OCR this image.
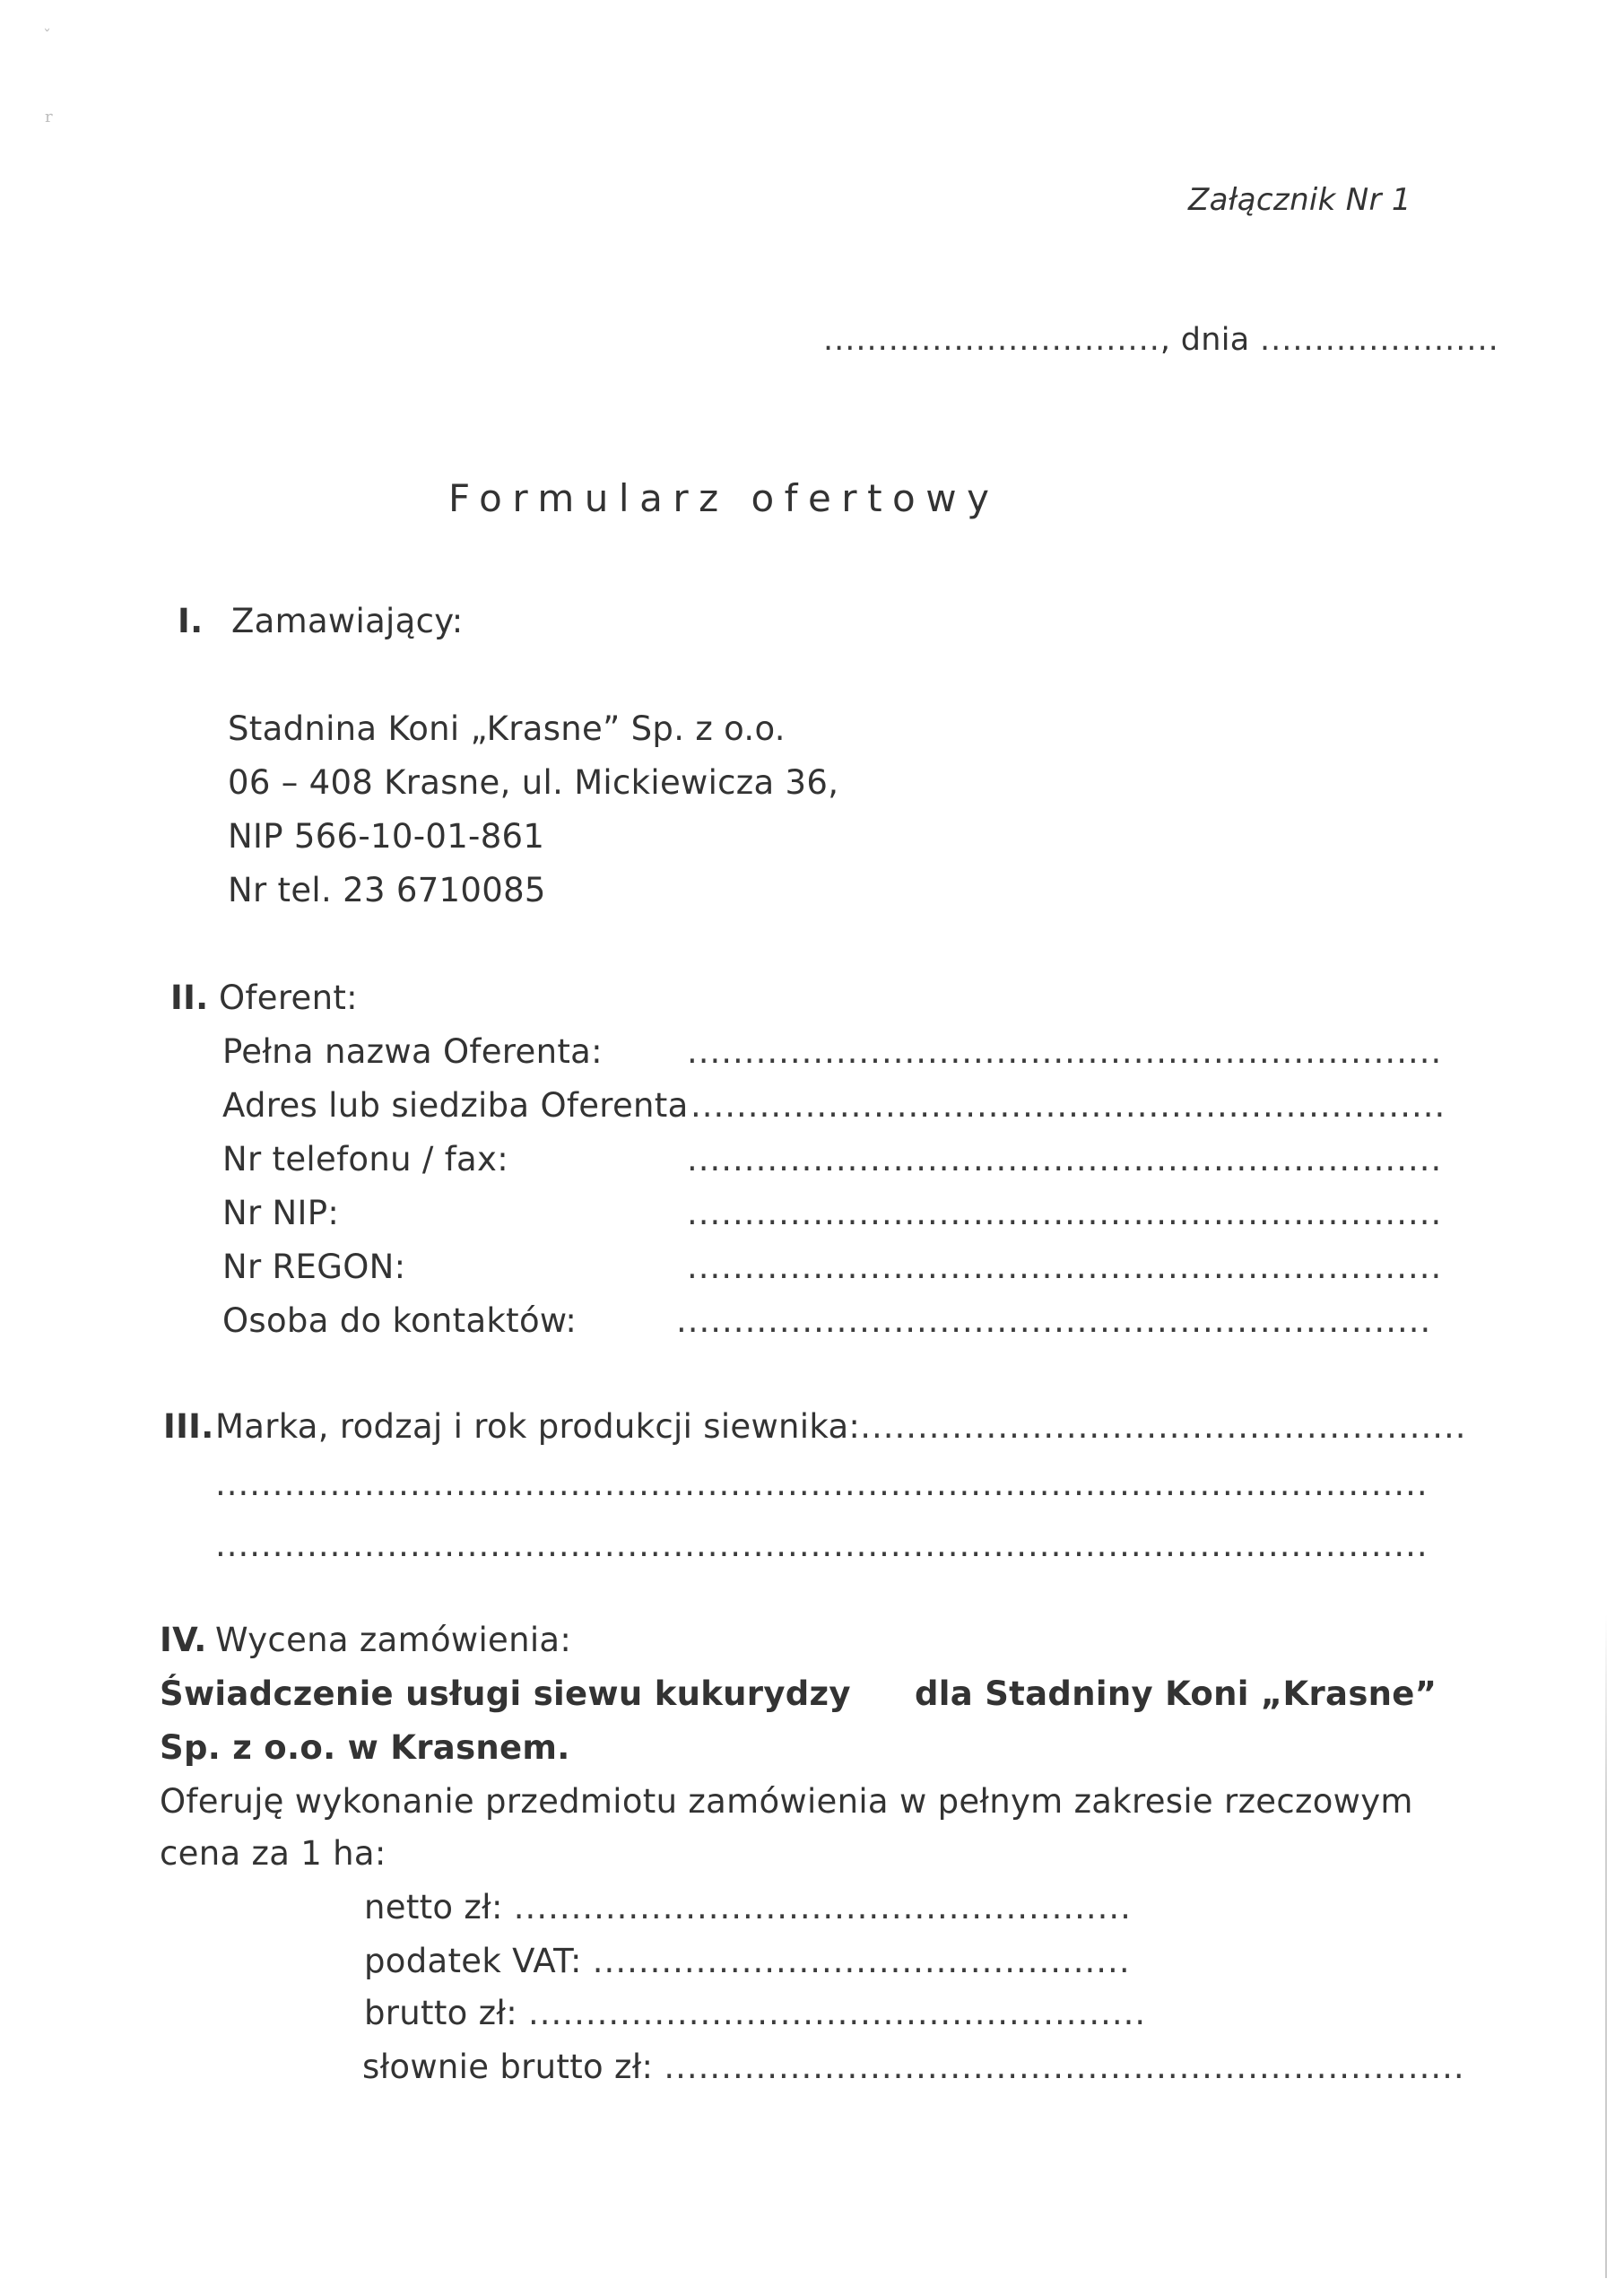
ˇ
r
Załącznik Nr 1
..............................., dnia ......................
Formularz ofertowy
I. Zamawiający:
Stadnina Koni „Krasne” Sp. z o.o.
06 – 408 Krasne, ul. Mickiewicza 36,
NIP 566-10-01-861
Nr tel. 23 6710085
II. Oferent:
Pełna nazwa Oferenta:	..................................................................
Adres lub siedziba Oferenta ..................................................................
Nr telefonu / fax:	..................................................................
Nr NIP:	..................................................................
Nr REGON:	..................................................................
Osoba do kontaktów:	..................................................................
III. Marka, rodzaj i rok produkcji siewnika:.....................................................
..........................................................................................................
..........................................................................................................
IV. Wycena zamówienia:
Świadczenie usługi siewu kukurydzy dla Stadniny Koni „Krasne”
Sp. z o.o. w Krasnem.
Oferuję wykonanie przedmiotu zamówienia w pełnym zakresie rzeczowym
cena za 1 ha:
netto zł: ......................................................
podatek VAT: ...............................................
brutto zł: ......................................................
słownie brutto zł: ......................................................................
